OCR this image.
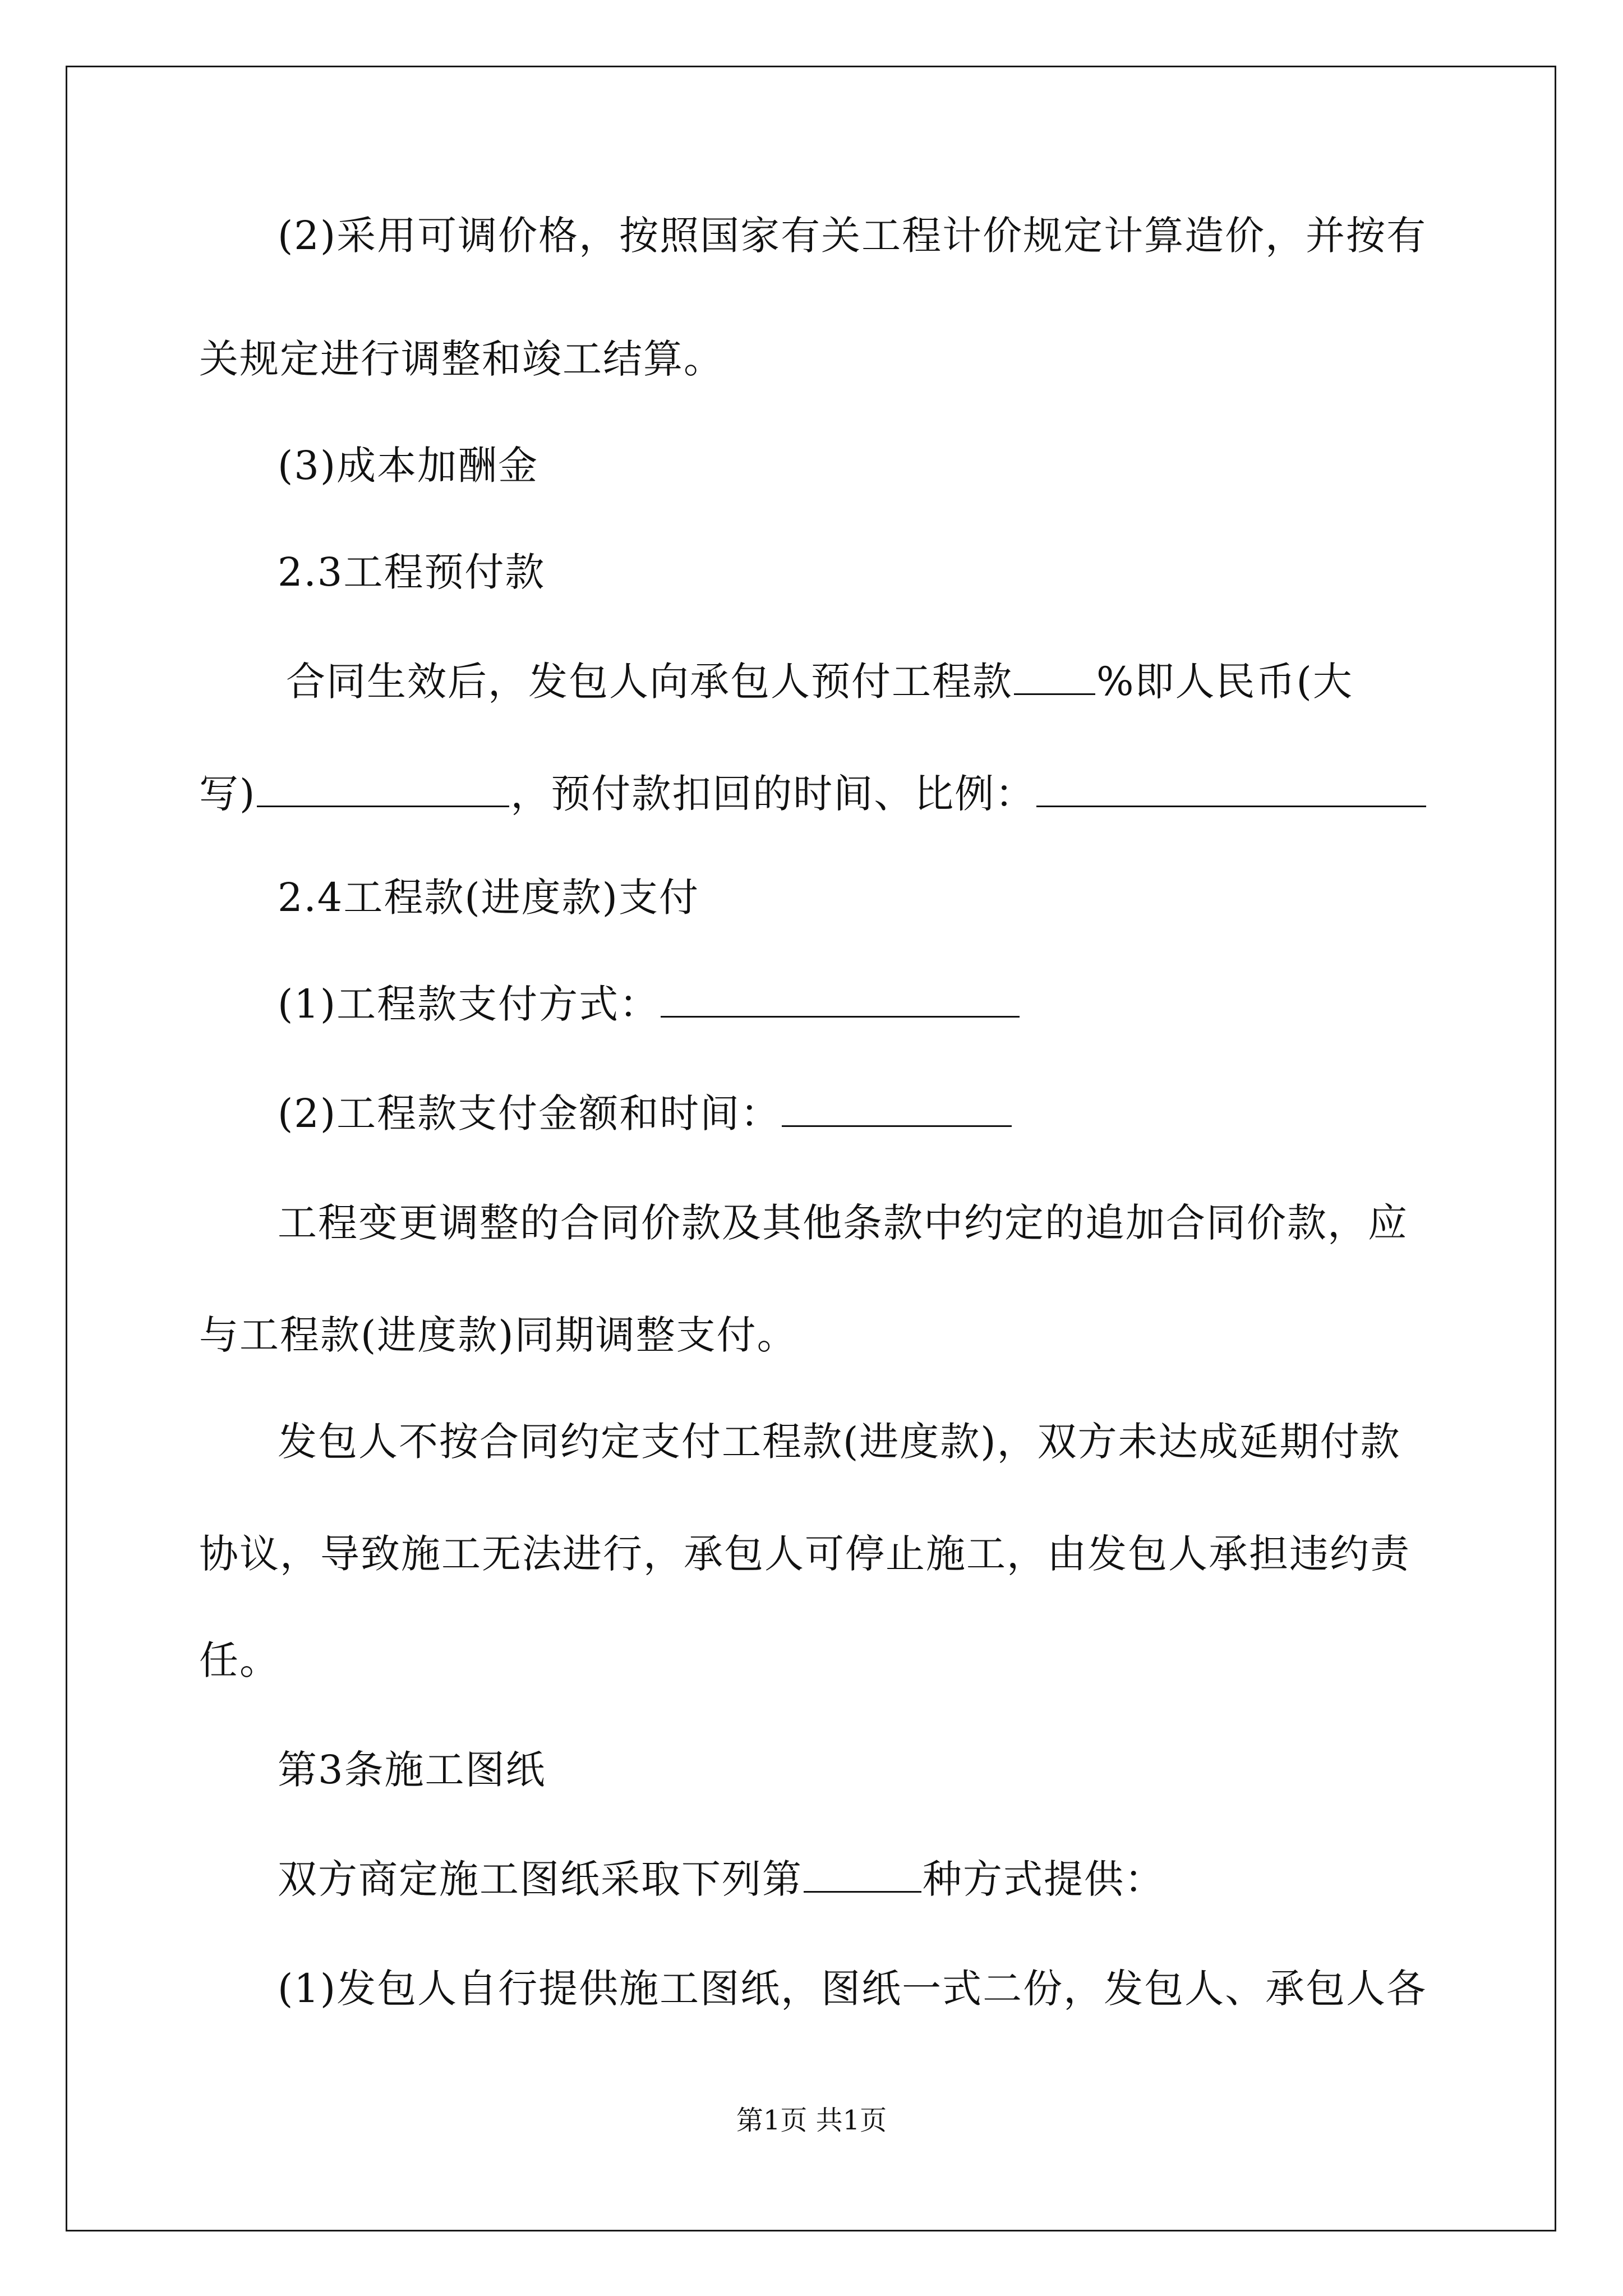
(2)采用可调价格，按照国家有关工程计价规定计算造价，并按有
关规定进行调整和竣工结算。
(3)成本加酬金
2.3工程预付款
合同生效后，发包人向承包人预付工程款 %即人民币(大
写)	，预付款扣回的时间、比例：
2.4工程款(进度款)支付
(1)工程款支付方式：
(2)工程款支付金额和时间：
工程变更调整的合同价款及其他条款中约定的追加合同价款，应
与工程款(进度款)同期调整支付。
发包人不按合同约定支付工程款(进度款)，双方未达成延期付款
协议，导致施工无法进行，承包人可停止施工，由发包人承担违约责
任。
第3条施工图纸
双方商定施工图纸采取下列第	种方式提供：
(1)发包人自行提供施工图纸，图纸一式二份，发包人、承包人各
第1页 共1页
